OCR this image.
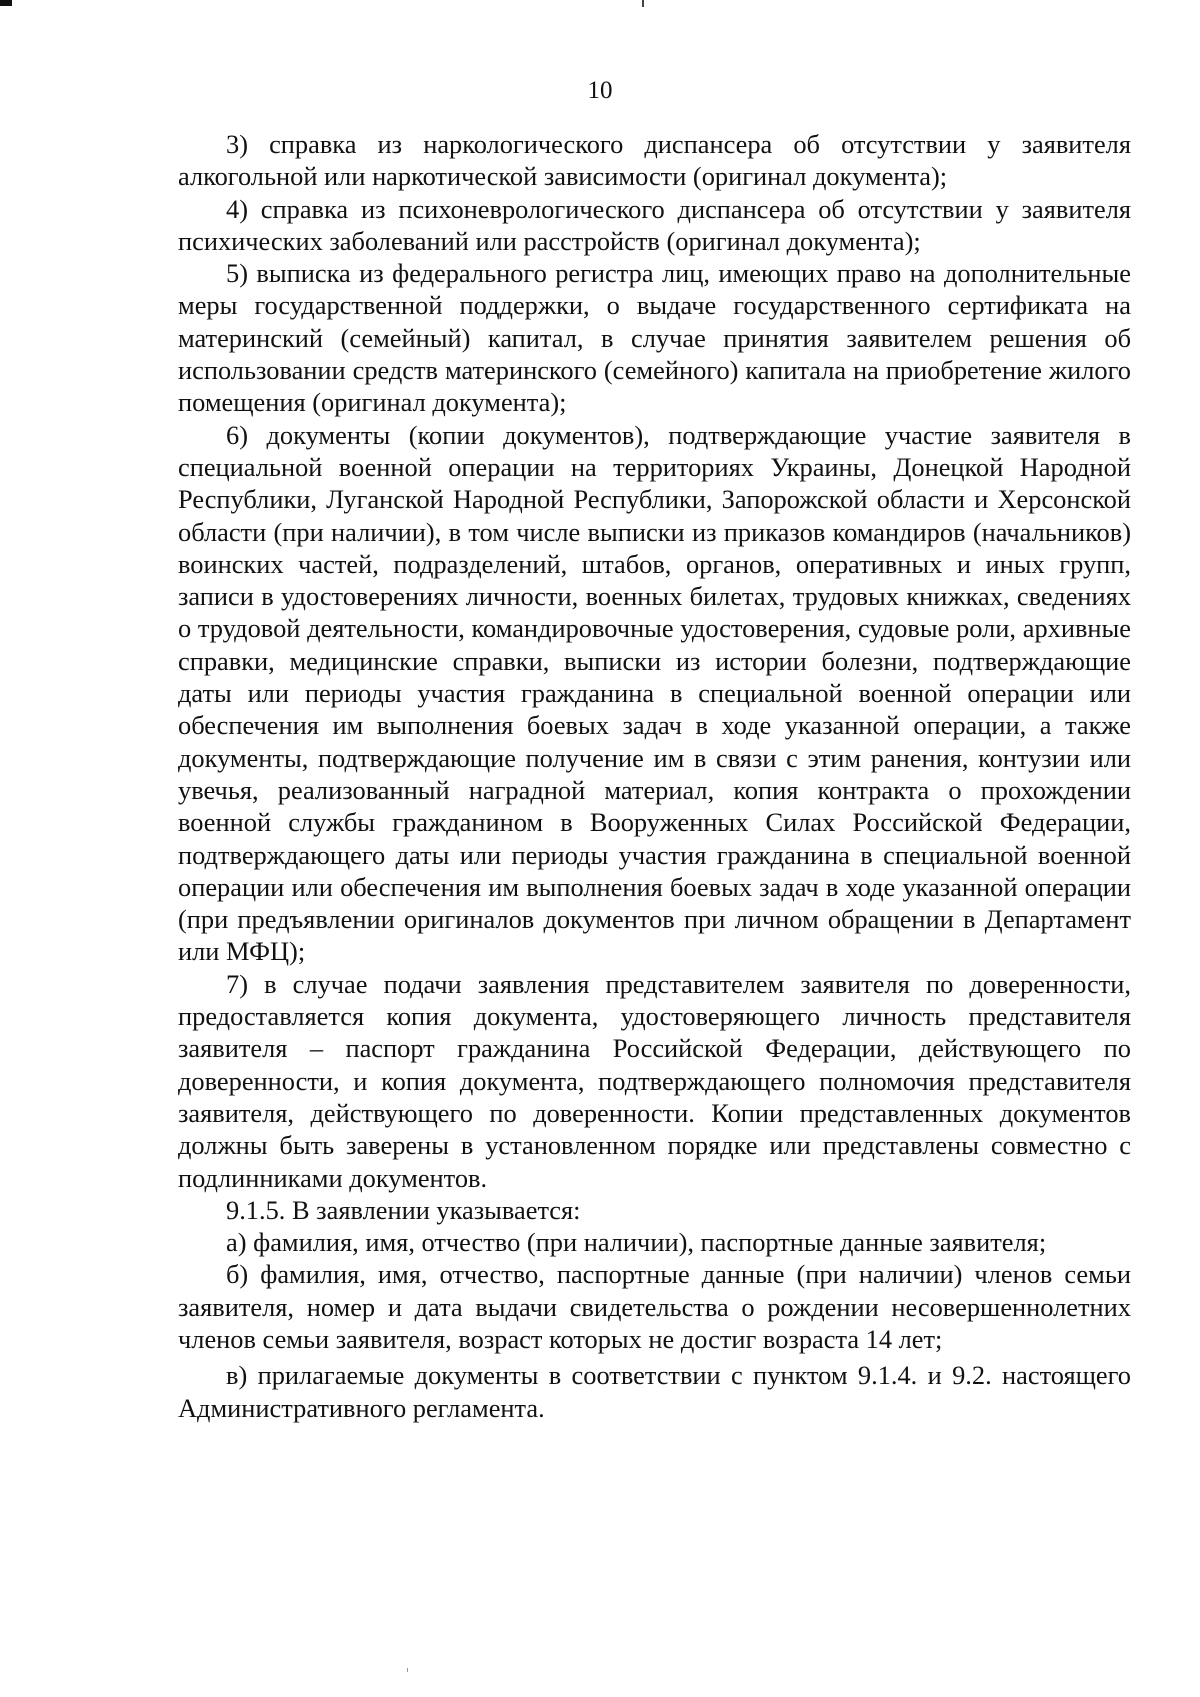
10

3) справка из наркологического диспансера об отсутствии у заявителя алкогольной или наркотической зависимости (оригинал документа);

4) справка из психоневрологического диспансера об отсутствии у заявителя психических заболеваний или расстройств (оригинал документа);

5) выписка из федерального регистра лиц, имеющих право на дополнительные меры государственной поддержки, о выдаче государственного сертификата на материнский (семейный) капитал, в случае принятия заявителем решения об использовании средств материнского (семейного) капитала на приобретение жилого помещения (оригинал документа);

6) документы (копии документов), подтверждающие участие заявителя в специальной военной операции на территориях Украины, Донецкой Народной Республики, Луганской Народной Республики, Запорожской области и Херсонской области (при наличии), в том числе выписки из приказов командиров (начальников) воинских частей, подразделений, штабов, органов, оперативных и иных групп, записи в удостоверениях личности, военных билетах, трудовых книжках, сведениях о трудовой деятельности, командировочные удостоверения, судовые роли, архивные справки, медицинские справки, выписки из истории болезни, подтверждающие даты или периоды участия гражданина в специальной военной операции или обеспечения им выполнения боевых задач в ходе указанной операции, а также документы, подтверждающие получение им в связи с этим ранения, контузии или увечья, реализованный наградной материал, копия контракта о прохождении военной службы гражданином в Вооруженных Силах Российской Федерации, подтверждающего даты или периоды участия гражданина в специальной военной операции или обеспечения им выполнения боевых задач в ходе указанной операции (при предъявлении оригиналов документов при личном обращении в Департамент или МФЦ);

7) в случае подачи заявления представителем заявителя по доверенности, предоставляется копия документа, удостоверяющего личность представителя заявителя – паспорт гражданина Российской Федерации, действующего по доверенности, и копия документа, подтверждающего полномочия представителя заявителя, действующего по доверенности. Копии представленных документов должны быть заверены в установленном порядке или представлены совместно с подлинниками документов.

9.1.5. В заявлении указывается:

а) фамилия, имя, отчество (при наличии), паспортные данные заявителя;

б) фамилия, имя, отчество, паспортные данные (при наличии) членов семьи заявителя, номер и дата выдачи свидетельства о рождении несовершеннолетних членов семьи заявителя, возраст которых не достиг возраста 14 лет;

в) прилагаемые документы в соответствии с пунктом 9.1.4. и 9.2. настоящего Административного регламента.
